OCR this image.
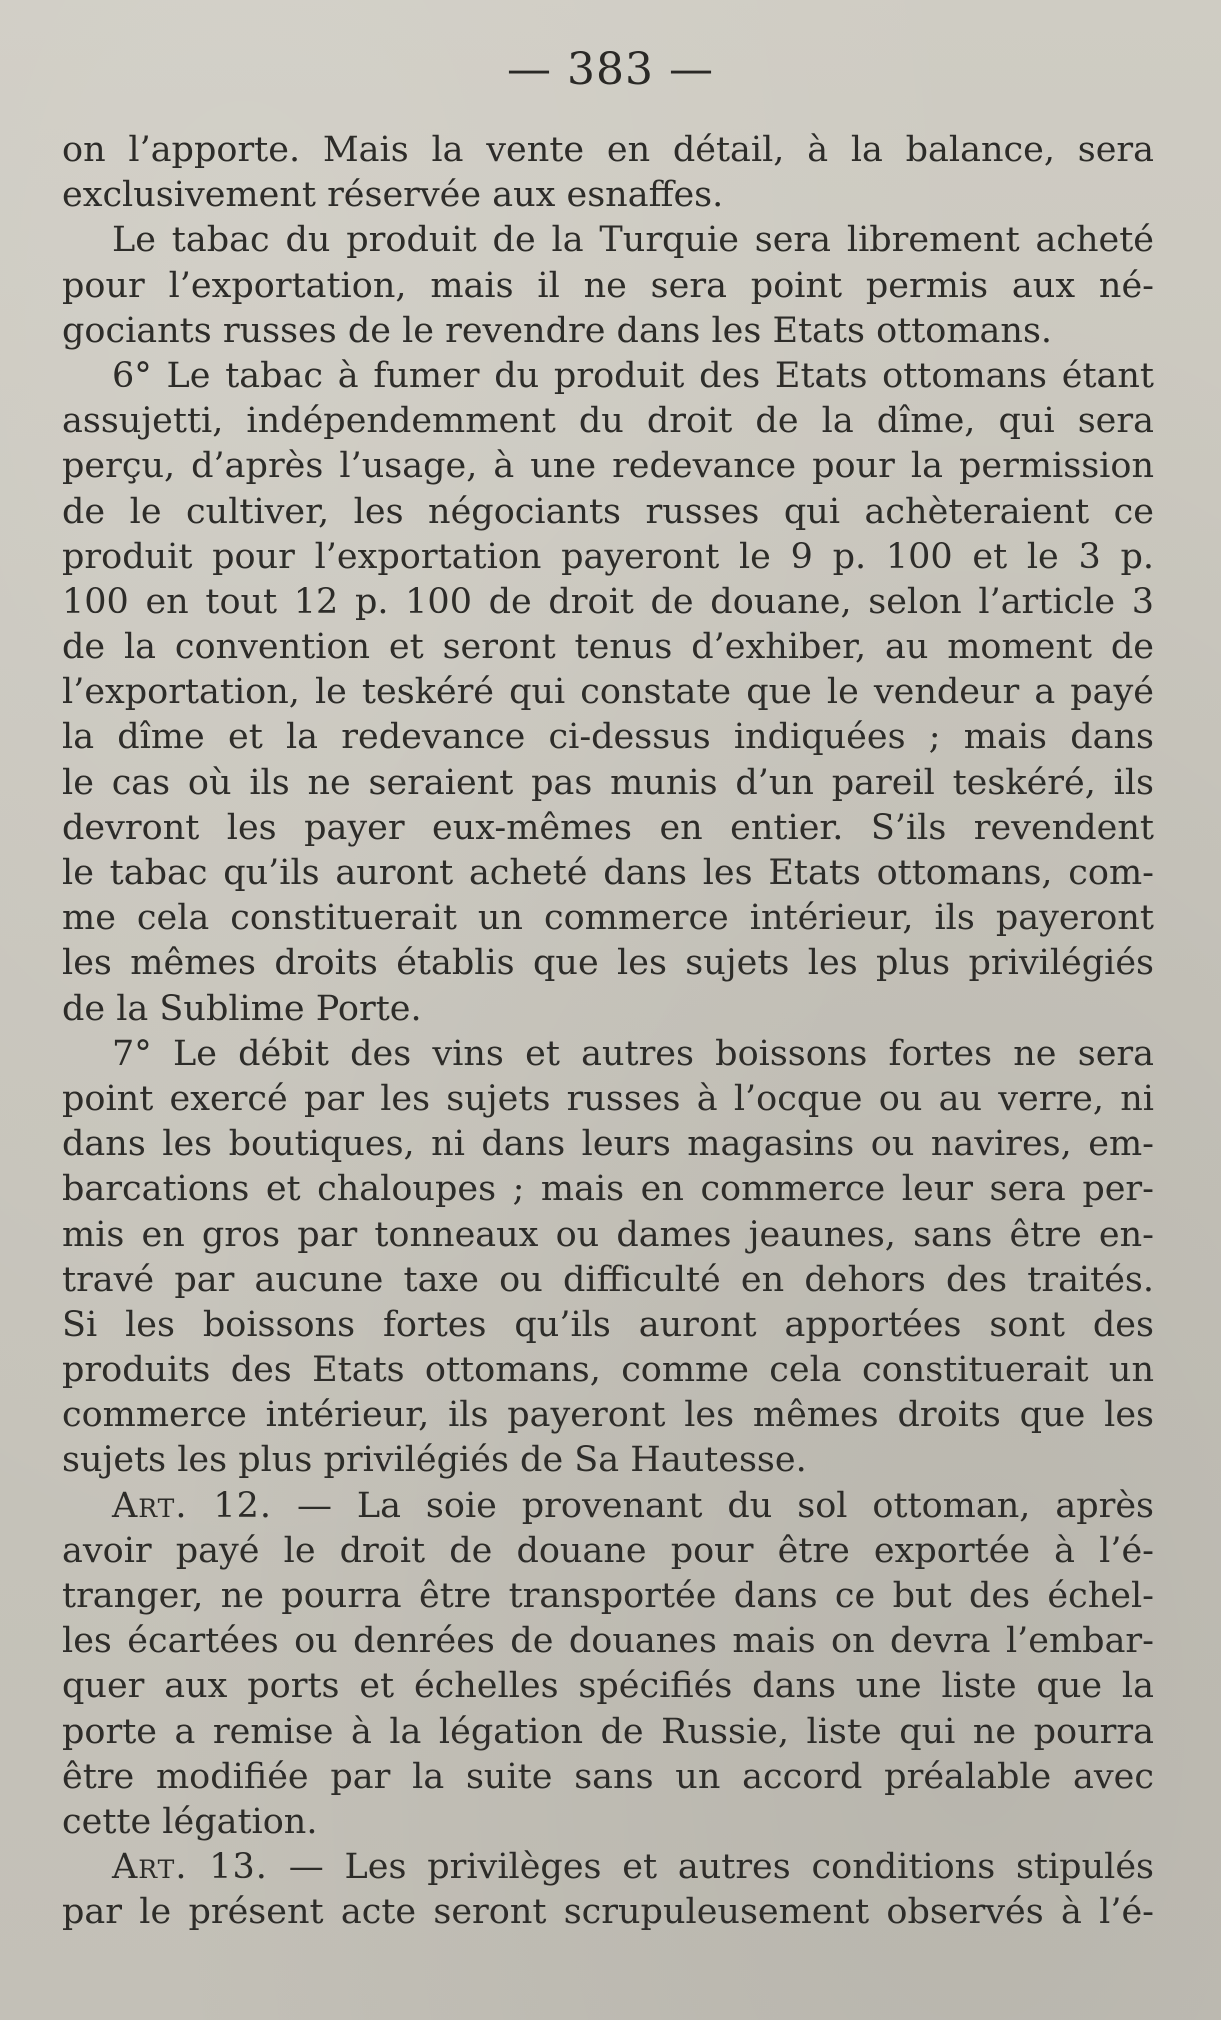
— 383 —
on l’apporte. Mais la vente en détail, à la balance, sera
exclusivement réservée aux esnaffes.
Le tabac du produit de la Turquie sera librement acheté
pour l’exportation, mais il ne sera point permis aux né-
gociants russes de le revendre dans les Etats ottomans.
6° Le tabac à fumer du produit des Etats ottomans étant
assujetti, indépendemment du droit de la dîme, qui sera
perçu, d’après l’usage, à une redevance pour la permission
de le cultiver, les négociants russes qui achèteraient ce
produit pour l’exportation payeront le 9 p. 100 et le 3 p.
100 en tout 12 p. 100 de droit de douane, selon l’article 3
de la convention et seront tenus d’exhiber, au moment de
l’exportation, le teskéré qui constate que le vendeur a payé
la dîme et la redevance ci-dessus indiquées ; mais dans
le cas où ils ne seraient pas munis d’un pareil teskéré, ils
devront les payer eux-mêmes en entier. S’ils revendent
le tabac qu’ils auront acheté dans les Etats ottomans, com-
me cela constituerait un commerce intérieur, ils payeront
les mêmes droits établis que les sujets les plus privilégiés
de la Sublime Porte.
7° Le débit des vins et autres boissons fortes ne sera
point exercé par les sujets russes à l’ocque ou au verre, ni
dans les boutiques, ni dans leurs magasins ou navires, em-
barcations et chaloupes ; mais en commerce leur sera per-
mis en gros par tonneaux ou dames jeaunes, sans être en-
travé par aucune taxe ou difficulté en dehors des traités.
Si les boissons fortes qu’ils auront apportées sont des
produits des Etats ottomans, comme cela constituerait un
commerce intérieur, ils payeront les mêmes droits que les
sujets les plus privilégiés de Sa Hautesse.
Art. 12. — La soie provenant du sol ottoman, après
avoir payé le droit de douane pour être exportée à l’é-
tranger, ne pourra être transportée dans ce but des échel-
les écartées ou denrées de douanes mais on devra l’embar-
quer aux ports et échelles spécifiés dans une liste que la
porte a remise à la légation de Russie, liste qui ne pourra
être modifiée par la suite sans un accord préalable avec
cette légation.
Art. 13. — Les privilèges et autres conditions stipulés
par le présent acte seront scrupuleusement observés à l’é-
